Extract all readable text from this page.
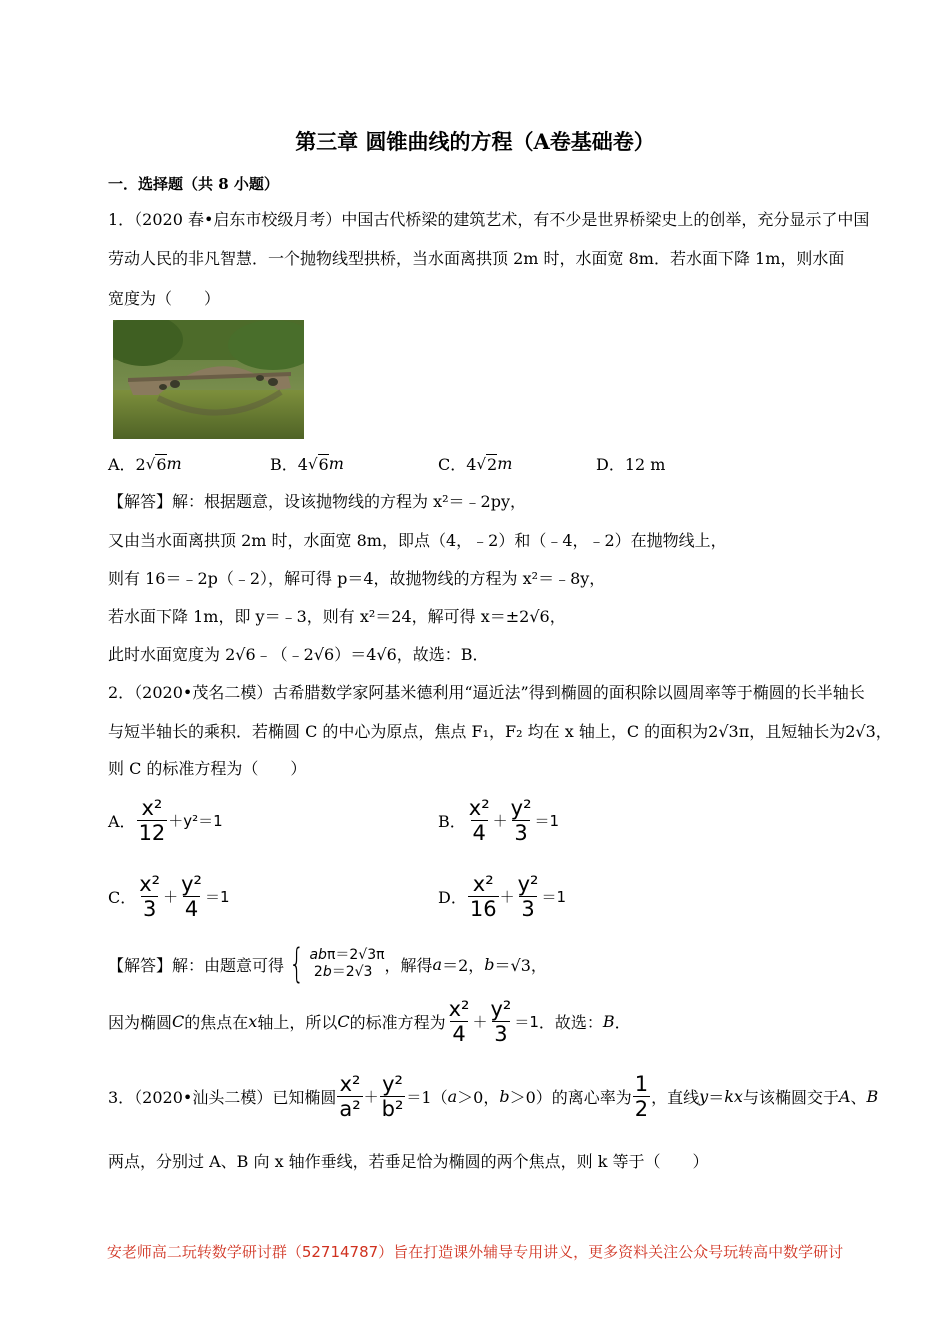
第三章 圆锥曲线的方程（A卷基础卷）
一．选择题（共 8 小题）
1．（2020 春•启东市校级月考）中国古代桥梁的建筑艺术，有不少是世界桥梁史上的创举，充分显示了中国
劳动人民的非凡智慧．一个抛物线型拱桥，当水面离拱顶 2m 时，水面宽 8m．若水面下降 1m，则水面
宽度为（　　）
A．2 √ 6 m	B．4 √ 6 m	C．4 √ 2 m	D．12 m
【解答】解：根据题意，设该抛物线的方程为 x²＝﹣2py，
又由当水面离拱顶 2m 时，水面宽 8m，即点（4，﹣2）和（﹣4，﹣2）在抛物线上，
则有 16＝﹣2p（﹣2），解可得 p＝4，故抛物线的方程为 x²＝﹣8y，
若水面下降 1m，即 y＝﹣3，则有 x²＝24，解可得 x＝±2√6，
此时水面宽度为 2√6﹣（﹣2√6）＝4√6，故选：B．
2．（2020•茂名二模）古希腊数学家阿基米德利用“逼近法”得到椭圆的面积除以圆周率等于椭圆的长半轴长
与短半轴长的乘积．若椭圆 C 的中心为原点，焦点 F₁，F₂ 均在 x 轴上，C 的面积为2√3π，且短轴长为2√3，
则 C 的标准方程为（　　）
A． $\frac{\text{x²}}{12} +y^2=1$	B． $\frac{\text{x²}}{4} + \frac{\text{y²}}{3} =1$
C． $\frac{\text{x²}}{3} + \frac{\text{y²}}{4} =1$	D． $\frac{\text{x²}}{16} + \frac{\text{y²}}{3} =1$
【解答】解：由题意可得 { abπ＝2√3π
2b＝2√3 ，解得 a ＝2， b ＝√3，
因为椭圆 C 的焦点在 x 轴上，所以 C 的标准方程为 $\frac{\text{x²}}{4} + \frac{\text{y²}}{3} =1$ ．故选： B ．
3．（2020•汕头二模）已知椭圆 $\frac{\text{x²}}{\text{a²}} + \frac{\text{y²}}{\text{b²}} = 1$（ a ＞0， b ＞0）的离心率为 $\frac{1}{2}$ ，直线 y ＝ kx 与该椭圆交于 A 、 B
两点，分别过 A、B 向 x 轴作垂线，若垂足恰为椭圆的两个焦点，则 k 等于（　　）
安老师高二玩转数学研讨群（52714787）旨在打造课外辅导专用讲义，更多资料关注公众号玩转高中数学研讨
